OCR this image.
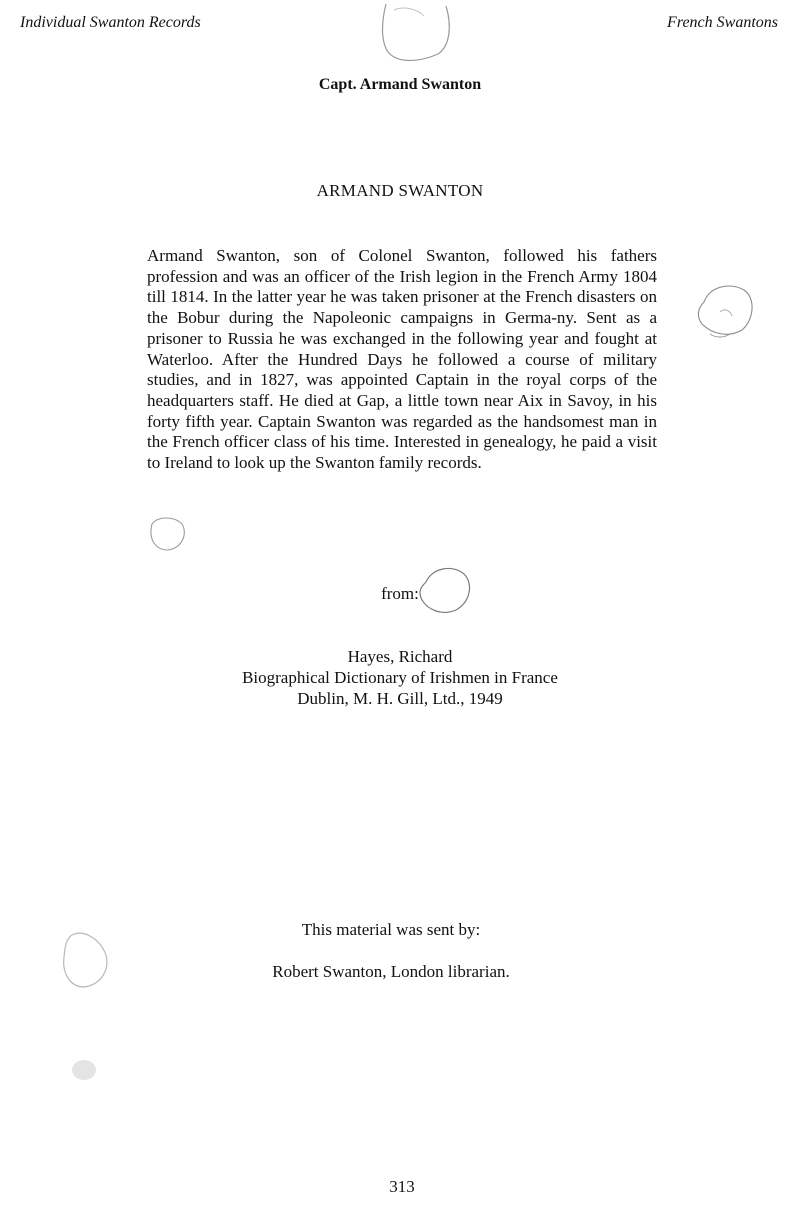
Individual Swanton Records	French Swantons
Capt. Armand Swanton
ARMAND SWANTON
Armand Swanton, son of Colonel Swanton, followed his fathers profession and was an officer of the Irish legion in the French Army 1804 till 1814. In the latter year he was taken prisoner at the French disasters on the Bobur during the Napoleonic campaigns in Germa-ny. Sent as a prisoner to Russia he was exchanged in the following year and fought at Waterloo. After the Hundred Days he followed a course of military studies, and in 1827, was appointed Captain in the royal corps of the headquarters staff. He died at Gap, a little town near Aix in Savoy, in his forty fifth year. Captain Swanton was regarded as the handsomest man in the French officer class of his time. Interested in genealogy, he paid a visit to Ireland to look up the Swanton family records.
from:
Hayes, Richard
Biographical Dictionary of Irishmen in France
Dublin, M. H. Gill, Ltd., 1949
This material was sent by:
Robert Swanton, London librarian.
313
